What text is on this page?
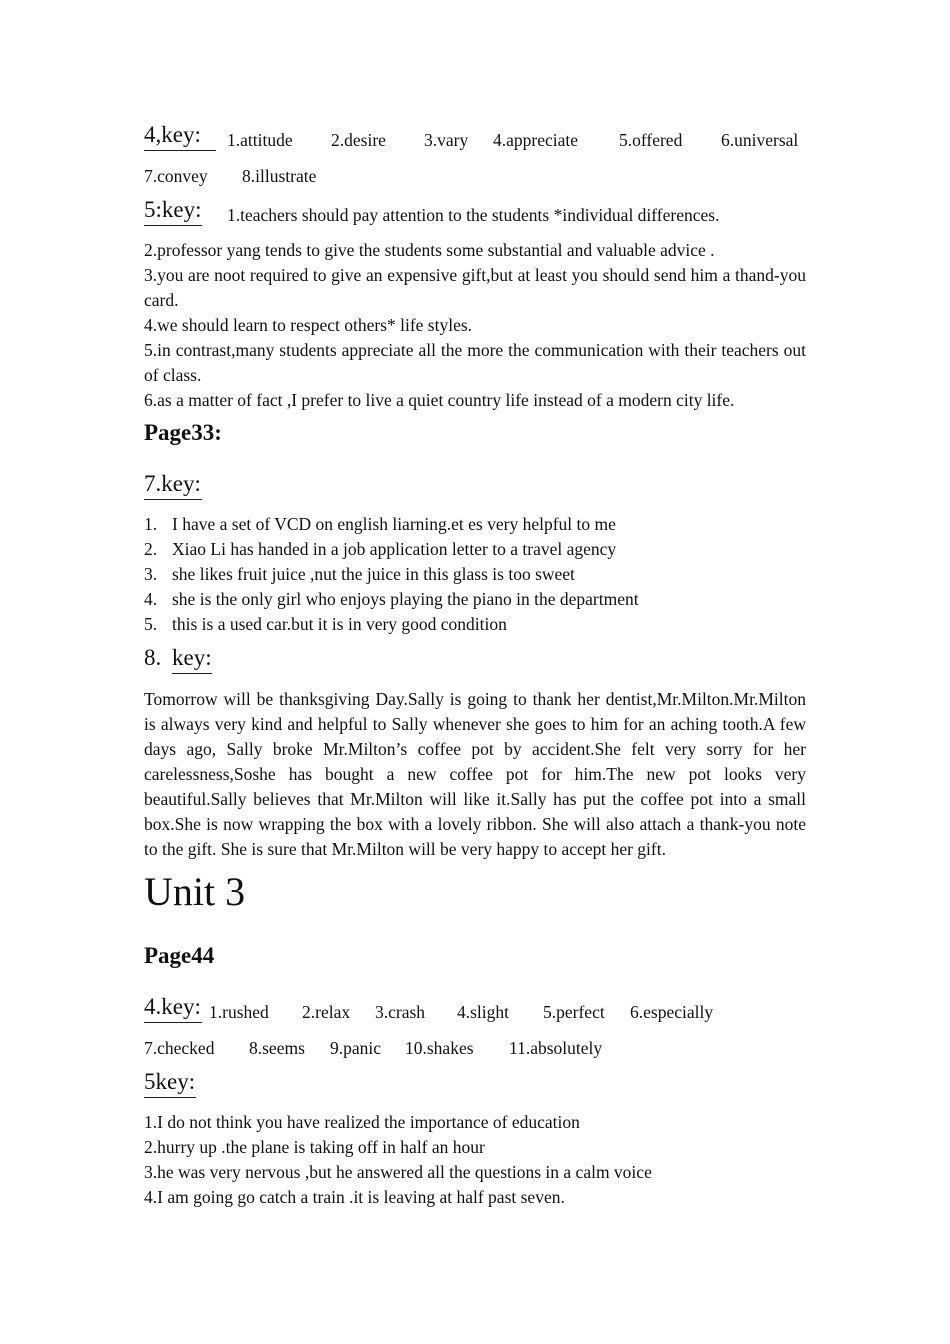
4,key:	1.attitude 2.desire 3.vary 4.appreciate 5.offered 6.universal
7.convey 8.illustrate
5:key: 1.teachers should pay attention to the students *individual differences.
2.professor yang tends to give the students some substantial and valuable advice .
3.you are noot required to give an expensive gift,but at least you should send him a thand-you card.
4.we should learn to respect others* life styles.
5.in contrast,many students appreciate all the more the communication with their teachers out of class.
6.as a matter of fact ,I prefer to live a quiet country life instead of a modern city life.
Page33:
7.key:
1. I have a set of VCD on english liarning.et es very helpful to me
2. Xiao Li has handed in a job application letter to a travel agency
3. she likes fruit juice ,nut the juice in this glass is too sweet
4. she is the only girl who enjoys playing the piano in the department
5. this is a used car.but it is in very good condition
8. key:
Tomorrow will be thanksgiving Day.Sally is going to thank her dentist,Mr.Milton.Mr.Milton is always very kind and helpful to Sally whenever she goes to him for an aching tooth.A few days ago, Sally broke Mr.Milton’s coffee pot by accident.She felt very sorry for her carelessness,Soshe has bought a new coffee pot for him.The new pot looks very beautiful.Sally believes that Mr.Milton will like it.Sally has put the coffee pot into a small box.She is now wrapping the box with a lovely ribbon. She will also attach a thank-you note to the gift. She is sure that Mr.Milton will be very happy to accept her gift.
Unit 3
Page44
4.key: 1.rushed 2.relax 3.crash 4.slight 5.perfect 6.especially
7.checked 8.seems 9.panic 10.shakes 11.absolutely
5key:
1.I do not think you have realized the importance of education
2.hurry up .the plane is taking off in half an hour
3.he was very nervous ,but he answered all the questions in a calm voice
4.I am going go catch a train .it is leaving at half past seven.
